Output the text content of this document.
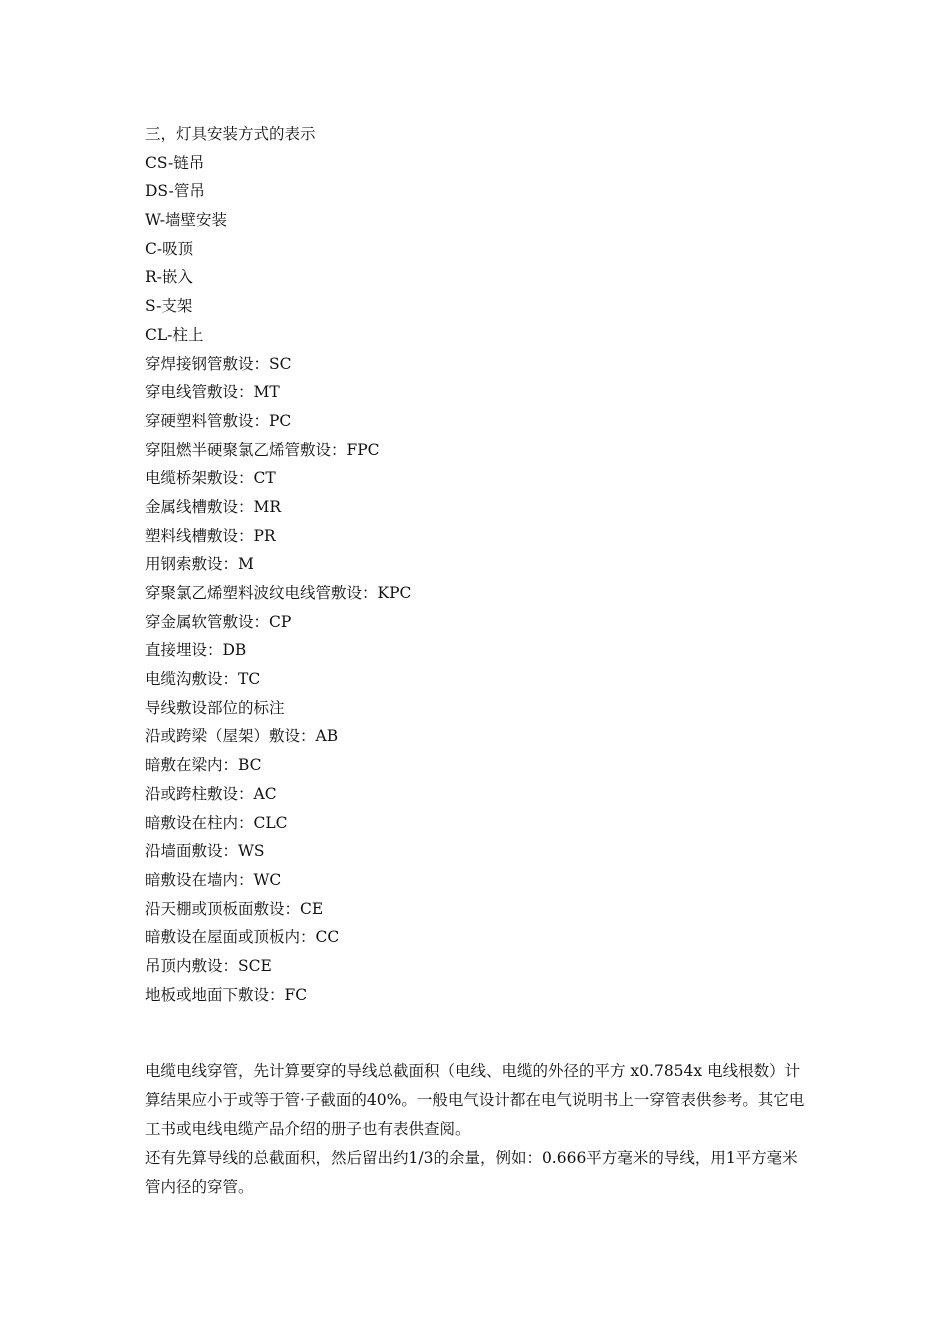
三，灯具安装方式的表示
CS-链吊
DS-管吊
W-墙壁安装
C-吸顶
R-嵌入
S-支架
CL-柱上
穿焊接钢管敷设：SC
穿电线管敷设：MT
穿硬塑料管敷设：PC
穿阻燃半硬聚氯乙烯管敷设：FPC
电缆桥架敷设：CT
金属线槽敷设：MR
塑料线槽敷设：PR
用钢索敷设：M
穿聚氯乙烯塑料波纹电线管敷设：KPC
穿金属软管敷设：CP
直接埋设：DB
电缆沟敷设：TC
导线敷设部位的标注
沿或跨梁（屋架）敷设：AB
暗敷在梁内：BC
沿或跨柱敷设：AC
暗敷设在柱内：CLC
沿墙面敷设：WS
暗敷设在墙内：WC
沿天棚或顶板面敷设：CE
暗敷设在屋面或顶板内：CC
吊顶内敷设：SCE
地板或地面下敷设：FC

电缆电线穿管，先计算要穿的导线总截面积（电线、电缆的外径的平方 x0.7854x 电线根数）计算结果应小于或等于管·子截面的40%。一般电气设计都在电气说明书上一穿管表供参考。其它电工书或电线电缆产品介绍的册子也有表供查阅。

还有先算导线的总截面积，然后留出约1/3的余量，例如：0.666平方毫米的导线，用1平方毫米管内径的穿管。
